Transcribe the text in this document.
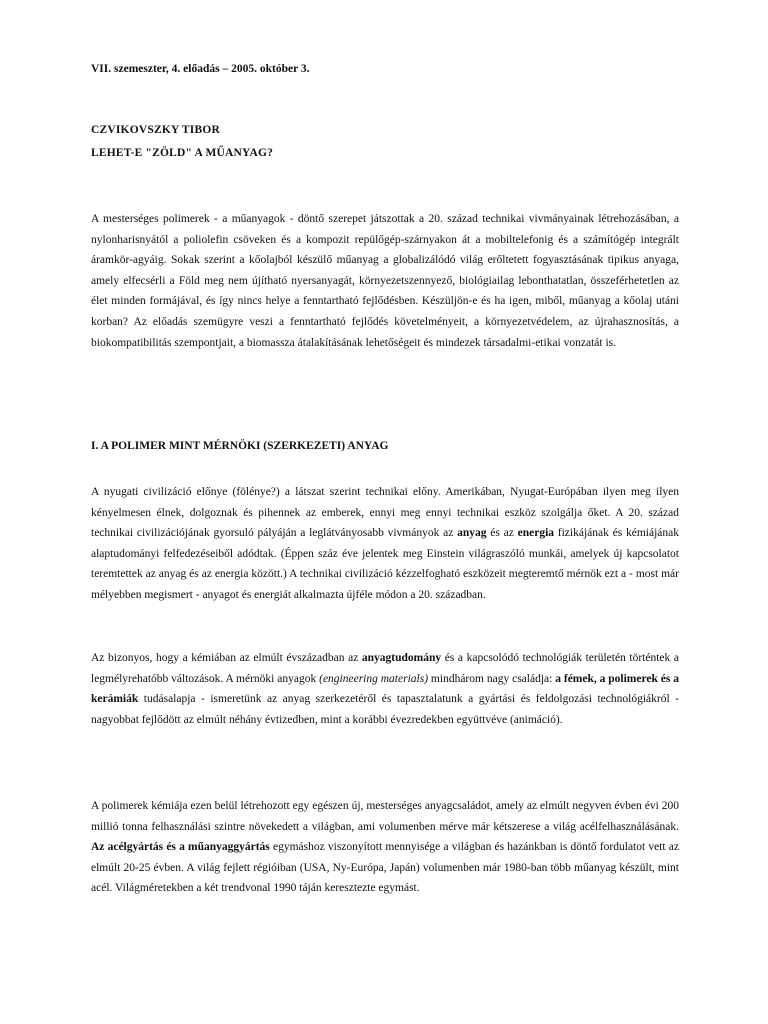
VII. szemeszter, 4. előadás – 2005. október 3.
CZVIKOVSZKY TIBOR
LEHET-E "ZÖLD" A MŰANYAG?

A mesterséges polimerek - a műanyagok - döntő szerepet játszottak a 20. század technikai vivmányainak létrehozásában, a nylonharisnyától a poliolefin csöveken és a kompozit repülőgép-szárnyakon át a mobiltelefonig és a számítógép integrált áramkör-agyáig. Sokak szerint a kőolajból készülő műanyag a globalizálódó világ erőltetett fogyasztásának tipikus anyaga, amely elfecsérli a Föld meg nem újítható nyersanyagát, környezetszennyező, biológiailag lebonthatatlan, összeférhetetlen az élet minden formájával, és így nincs helye a fenntartható fejlődésben. Készüljön-e és ha igen, miből, műanyag a kőolaj utáni korban? Az előadás szemügyre veszi a fenntartható fejlődés követelményeit, a környezetvédelem, az újrahasznosítás, a biokompatibilitás szempontjait, a biomassza átalakításának lehetőségeit és mindezek társadalmi-etikai vonzatát is.

I. A POLIMER MINT MÉRNÖKI (SZERKEZETI) ANYAG

A nyugati civilizáció előnye (fölénye?) a látszat szerint technikai előny. Amerikában, Nyugat-Európában ilyen meg ilyen kényelmesen élnek, dolgoznak és pihennek az emberek, ennyi meg ennyi technikai eszköz szolgálja őket. A 20. század technikai civilizációjának gyorsuló pályáján a leglátványosabb vivmányok az anyag és az energia fizikájának és kémiájának alaptudományi felfedezéseiből adódtak. (Éppen száz éve jelentek meg Einstein világraszóló munkái, amelyek új kapcsolatot teremtettek az anyag és az energia között.) A technikai civilizáció kézzelfogható eszközeit megteremtő mérnök ezt a - most már mélyebben megismert - anyagot és energiát alkalmazta újféle módon a 20. században.

Az bizonyos, hogy a kémiában az elmúlt évszázadban az anyagtudomány és a kapcsolódó technológiák területén történtek a legmélyrehatóbb változások. A mérnöki anyagok (engineering materials) mindhárom nagy családja: a fémek, a polimerek és a kerámiák tudásalapja - ismeretünk az anyag szerkezetéről és tapasztalatunk a gyártási és feldolgozási technológiákról - nagyobbat fejlődött az elmúlt néhány évtizedben, mint a korábbi évezredekben együttvéve (animáció).

A polimerek kémiája ezen belül létrehozott egy egészen új, mesterséges anyagcsaládot, amely az elmúlt negyven évben évi 200 millió tonna felhasználási szintre növekedett a világban, ami volumenben mérve már kétszerese a világ acélfelhasználásának. Az acélgyártás és a műanyaggyártás egymáshoz viszonyított mennyisége a világban és hazánkban is döntő fordulatot vett az elmúlt 20-25 évben. A világ fejlett régióiban (USA, Ny-Európa, Japán) volumenben már 1980-ban több műanyag készült, mint acél. Világméretekben a két trendvonal 1990 táján keresztezte egymást.
